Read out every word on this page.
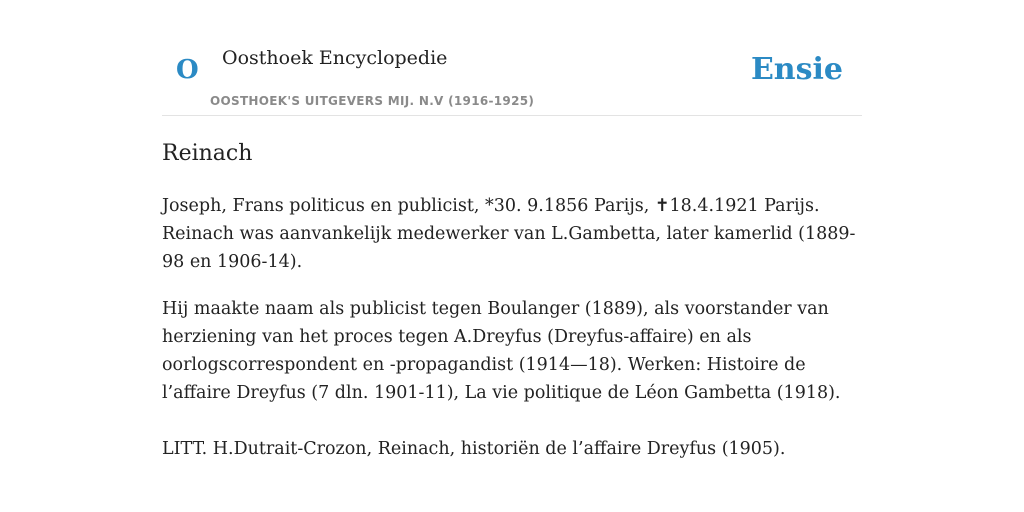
O Oosthoek Encyclopedie
OOSTHOEK'S UITGEVERS MIJ. N.V (1916-1925)
Ensie
Reinach

Joseph, Frans politicus en publicist, *30. 9.1856 Parijs, ✝18.4.1921 Parijs. Reinach was aanvankelijk medewerker van L.Gambetta, later kamerlid (1889-98 en 1906-14).

Hij maakte naam als publicist tegen Boulanger (1889), als voorstander van herziening van het proces tegen A.Dreyfus (Dreyfus-affaire) en als oorlogscorrespondent en -propagandist (1914—18). Werken: Histoire de l’affaire Dreyfus (7 dln. 1901-11), La vie politique de Léon Gambetta (1918).

LITT. H.Dutrait-Crozon, Reinach, historiën de l’affaire Dreyfus (1905).
